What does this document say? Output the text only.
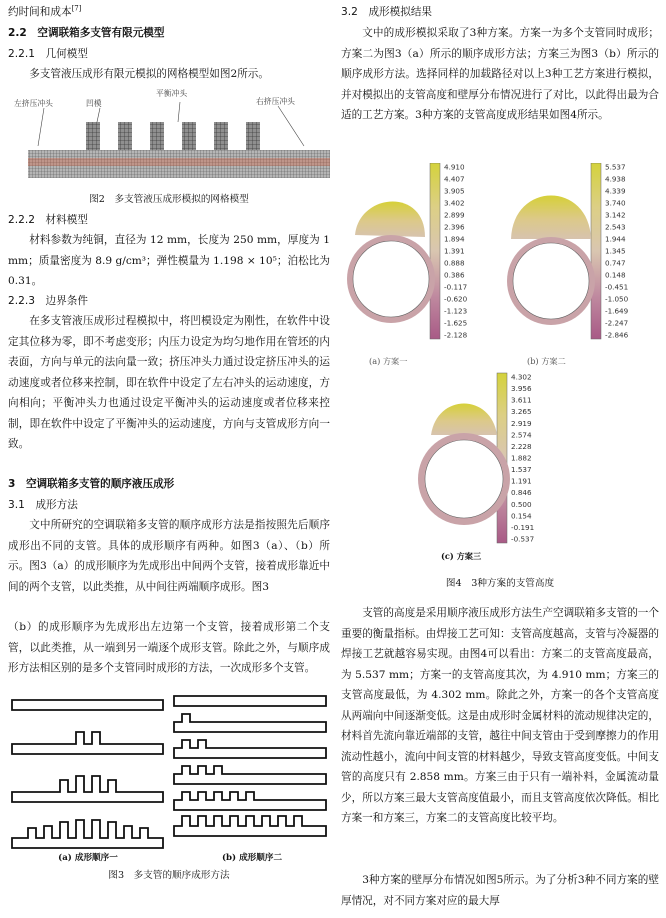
约时间和成本[7]
2.2　空调联箱多支管有限元模型
2.2.1　几何模型
多支管液压成形有限元模拟的网格模型如图2所示。
左挤压冲头	凹模
平衡冲头
右挤压冲头
图2　多支管液压成形模拟的网格模型
2.2.2　材料模型
材料参数为纯铜，直径为 12 mm，长度为 250 mm，厚度为 1 mm；质量密度为 8.9 g/cm³；弹性模量为 1.198 × 10⁵；泊松比为 0.31。
2.2.3　边界条件
在多支管液压成形过程模拟中，将凹模设定为刚性，在软件中设定其位移为零，即不考虑变形；内压力设定为均匀地作用在管坯的内表面，方向与单元的法向量一致；挤压冲头力通过设定挤压冲头的运动速度或者位移来控制，即在软件中设定了左右冲头的运动速度，方向相向；平衡冲头力也通过设定平衡冲头的运动速度或者位移来控制，即在软件中设定了平衡冲头的运动速度，方向与支管成形方向一致。
3　空调联箱多支管的顺序液压成形
3.1　成形方法
文中所研究的空调联箱多支管的顺序成形方法是指按照先后顺序成形出不同的支管。具体的成形顺序有两种。如图3（a）、（b）所示。图3（a）的成形顺序为先成形出中间两个支管，接着成形靠近中间的两个支管，以此类推，从中间往两端顺序成形。图3
（b）的成形顺序为先成形出左边第一个支管，接着成形第二个支管，以此类推，从一端到另一端逐个成形支管。除此之外，与顺序成形方法相区别的是多个支管同时成形的方法，一次成形多个支管。
(a) 成形顺序一	(b) 成形顺序二
图3　多支管的顺序成形方法
3.2　成形模拟结果
文中的成形模拟采取了3种方案。方案一为多个支管同时成形；方案二为图3（a）所示的顺序成形方法；方案三为图3（b）所示的顺序成形方法。选择同样的加载路径对以上3种工艺方案进行模拟，并对模拟出的支管高度和壁厚分布情况进行了对比，以此得出最为合适的工艺方案。3种方案的支管高度成形结果如图4所示。
4.910
4.407
3.905
3.402
2.899
2.396
1.894
1.391
0.888
0.386
-0.117
-0.620
-1.123
-1.625
-2.128
5.537
4.938
4.339
3.740
3.142
2.543
1.944
1.345
0.747
0.148
-0.451
-1.050
-1.649
-2.247
-2.846
4.302
3.956
3.611
3.265
2.919
2.574
2.228
1.882
1.537
1.191
0.846
0.500
0.154
-0.191
-0.537
(a) 方案一	(b) 方案二
(c) 方案三
图4　3种方案的支管高度
支管的高度是采用顺序液压成形方法生产空调联箱多支管的一个重要的衡量指标。由焊接工艺可知：支管高度越高，支管与冷凝器的焊接工艺就越容易实现。由图4可以看出：方案二的支管高度最高，为 5.537 mm；方案一的支管高度其次，为 4.910 mm；方案三的支管高度最低，为 4.302 mm。除此之外，方案一的各个支管高度从两端向中间逐渐变低。这是由成形时金属材料的流动规律决定的，材料首先流向靠近端部的支管，越往中间支管由于受到摩擦力的作用流动性越小，流向中间支管的材料越少，导致支管高度变低。中间支管的高度只有 2.858 mm。方案三由于只有一端补料，金属流动量少，所以方案三最大支管高度值最小，而且支管高度依次降低。相比方案一和方案三，方案二的支管高度比较平均。
3种方案的壁厚分布情况如图5所示。为了分析3种不同方案的壁厚情况，对不同方案对应的最大厚
